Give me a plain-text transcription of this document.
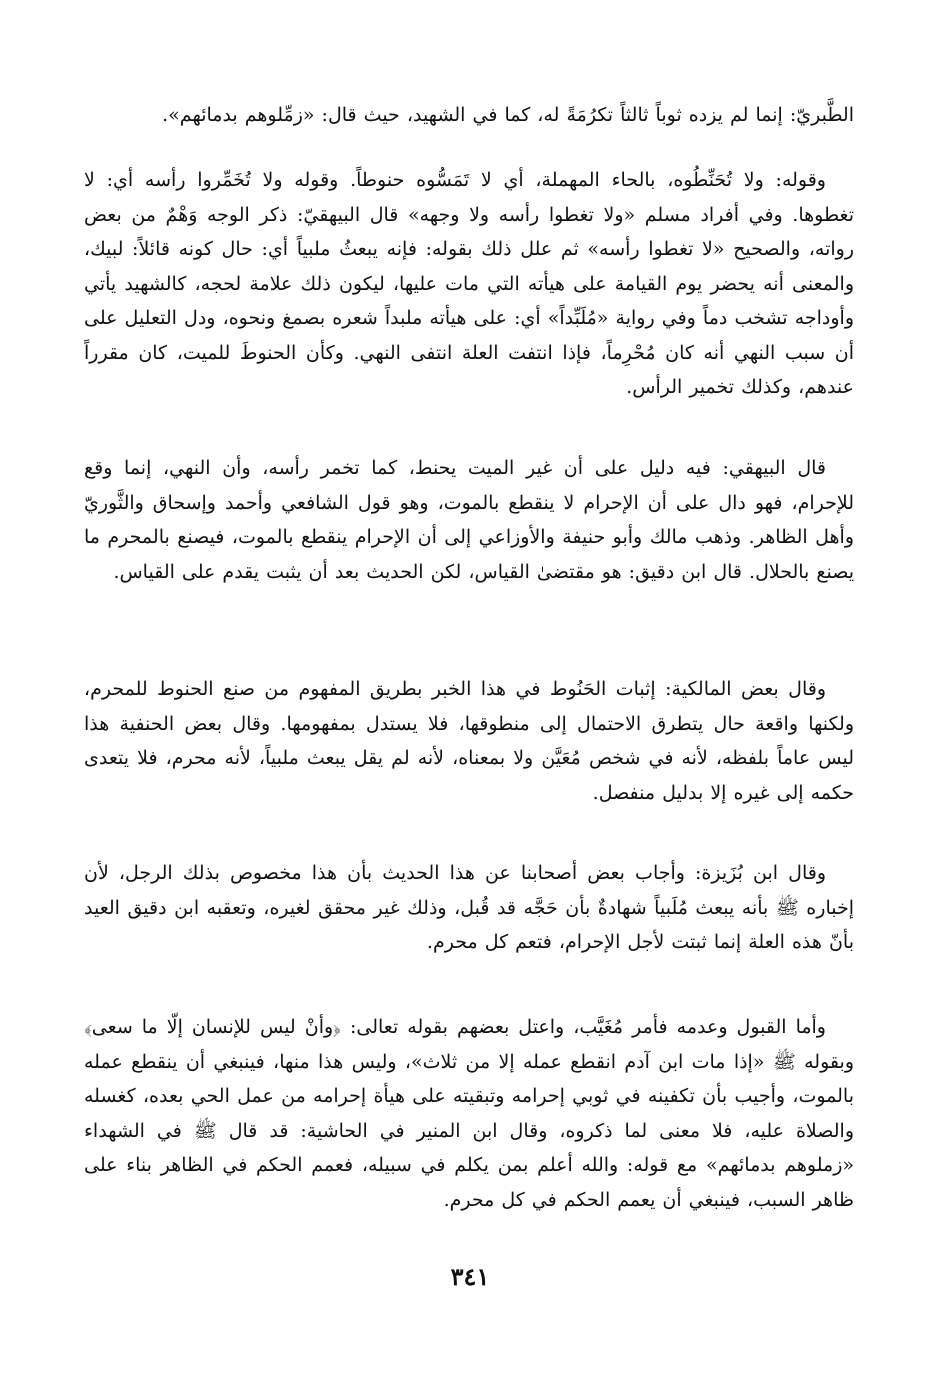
الطَّبريّ: إنما لم يزده ثوباً ثالثاً تكرُمَةً له، كما في الشهيد، حيث قال: «زمِّلوهم بدمائهم».

وقوله: ولا تُحَنِّطُوه، بالحاء المهملة، أي لا تَمَسُّوه حنوطاً. وقوله ولا تُخَمِّروا رأسه أي: لا تغطوها. وفي أفراد مسلم «ولا تغطوا رأسه ولا وجهه» قال البيهقيّ: ذكر الوجه وَهْمٌ من بعض رواته، والصحيح «لا تغطوا رأسه» ثم علل ذلك بقوله: فإنه يبعثُ ملبياً أي: حال كونه قائلاً: لبيك، والمعنى أنه يحضر يوم القيامة على هيأته التي مات عليها، ليكون ذلك علامة لحجه، كالشهيد يأتي وأوداجه تشخب دماً وفي رواية «مُلَبِّداً» أي: على هيأته ملبداً شعره بصمغ ونحوه، ودل التعليل على أن سبب النهي أنه كان مُحْرِماً، فإذا انتفت العلة انتفى النهي. وكأن الحنوطَ للميت، كان مقرراً عندهم، وكذلك تخمير الرأس.

قال البيهقي: فيه دليل على أن غير الميت يحنط، كما تخمر رأسه، وأن النهي، إنما وقع للإحرام، فهو دال على أن الإحرام لا ينقطع بالموت، وهو قول الشافعي وأحمد وإسحاق والثَّوريّ وأهل الظاهر. وذهب مالك وأبو حنيفة والأوزاعي إلى أن الإحرام ينقطع بالموت، فيصنع بالمحرم ما يصنع بالحلال. قال ابن دقيق: هو مقتضىٰ القياس، لكن الحديث بعد أن يثبت يقدم على القياس.

وقال بعض المالكية: إثبات الحَنُوط في هذا الخبر بطريق المفهوم من صنع الحنوط للمحرم، ولكنها واقعة حال يتطرق الاحتمال إلى منطوقها، فلا يستدل بمفهومها. وقال بعض الحنفية هذا ليس عاماً بلفظه، لأنه في شخص مُعَيَّن ولا بمعناه، لأنه لم يقل يبعث ملبياً، لأنه محرم، فلا يتعدى حكمه إلى غيره إلا بدليل منفصل.

وقال ابن بُزَيزة: وأجاب بعض أصحابنا عن هذا الحديث بأن هذا مخصوص بذلك الرجل، لأن إخباره ﷺ بأنه يبعث مُلَبياً شهادةٌ بأن حَجَّه قد قُبل، وذلك غير محقق لغيره، وتعقبه ابن دقيق العيد بأنّ هذه العلة إنما ثبتت لأجل الإحرام، فتعم كل محرم.

وأما القبول وعدمه فأمر مُغَيَّب، واعتل بعضهم بقوله تعالى: ﴿وأنْ ليس للإنسان إلّا ما سعى﴾ وبقوله ﷺ «إذا مات ابن آدم انقطع عمله إلا من ثلاث»، وليس هذا منها، فينبغي أن ينقطع عمله بالموت، وأجيب بأن تكفينه في ثوبي إحرامه وتبقيته على هيأة إحرامه من عمل الحي بعده، كغسله والصلاة عليه، فلا معنى لما ذكروه، وقال ابن المنير في الحاشية: قد قال ﷺ في الشهداء «زملوهم بدمائهم» مع قوله: والله أعلم بمن يكلم في سبيله، فعمم الحكم في الظاهر بناء على ظاهر السبب، فينبغي أن يعمم الحكم في كل محرم.

٣٤١
